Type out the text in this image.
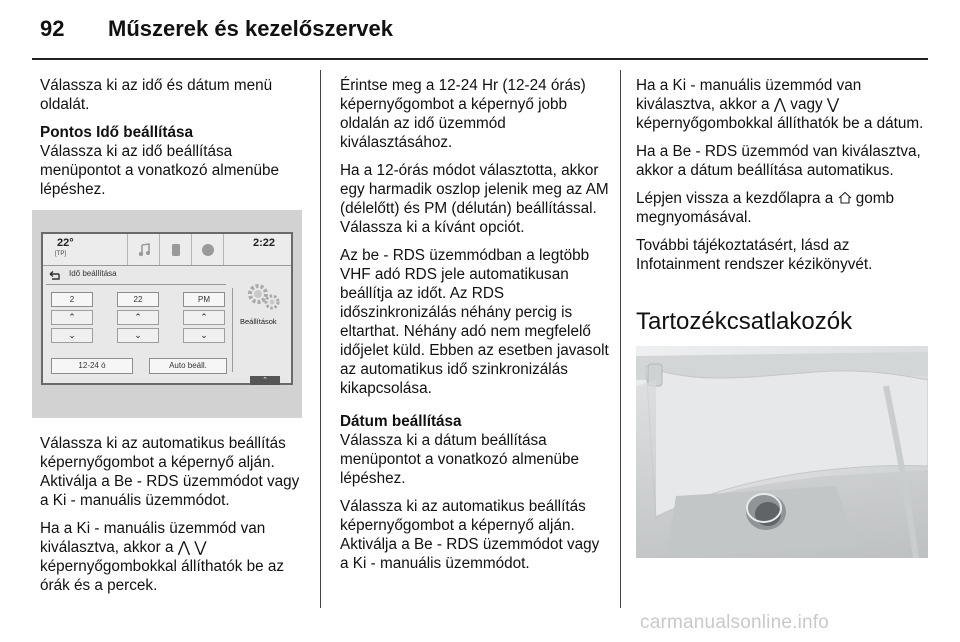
92 Műszerek és kezelőszervek

Válassza ki az idő és dátum menü oldalát.

Pontos Idő beállítása
Válassza ki az idő beállítása menüpontot a vonatkozó almenübe lépéshez.

22°
[TP]
2:22
Idő beállítása
2	22	PM
⌃	⌃	⌃
⌄	⌄	⌄
12-24 ó	Auto beáll.
Beállítások
⌃

Válassza ki az automatikus beállítás képernyőgombot a képernyő alján. Aktiválja a Be - RDS üzemmódot vagy a Ki - manuális üzemmódot.

Ha a Ki - manuális üzemmód van kiválasztva, akkor a ⋀ ⋁ képernyőgombokkal állíthatók be az órák és a percek.

Érintse meg a 12-24 Hr (12-24 órás) képernyőgombot a képernyő jobb oldalán az idő üzemmód kiválasztásához.

Ha a 12-órás módot választotta, akkor egy harmadik oszlop jelenik meg az AM (délelőtt) és PM (délután) beállítással. Válassza ki a kívánt opciót.

Az be - RDS üzemmódban a legtöbb VHF adó RDS jele automatikusan beállítja az időt. Az RDS időszinkronizálás néhány percig is eltarthat. Néhány adó nem megfelelő időjelet küld. Ebben az esetben javasolt az automatikus idő szinkronizálás kikapcsolása.

Dátum beállítása
Válassza ki a dátum beállítása menüpontot a vonatkozó almenübe lépéshez.

Válassza ki az automatikus beállítás képernyőgombot a képernyő alján. Aktiválja a Be - RDS üzemmódot vagy a Ki - manuális üzemmódot.

Ha a Ki - manuális üzemmód van kiválasztva, akkor a ⋀ vagy ⋁ képernyőgombokkal állíthatók be a dátum.

Ha a Be - RDS üzemmód van kiválasztva, akkor a dátum beállítása automatikus.

Lépjen vissza a kezdőlapra a gomb megnyomásával.

További tájékoztatásért, lásd az Infotainment rendszer kézikönyvét.

Tartozékcsatlakozók
carmanualsonline.info
